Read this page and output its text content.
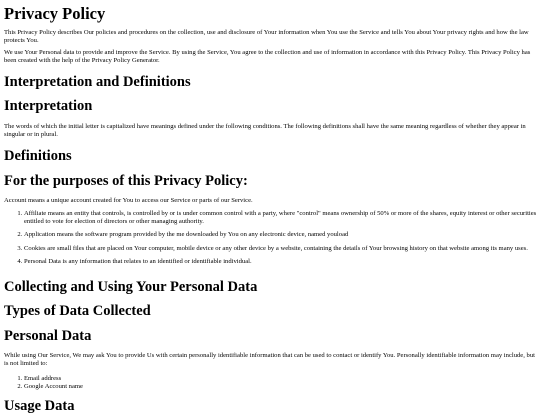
Privacy Policy

This Privacy Policy describes Our policies and procedures on the collection, use and disclosure of Your information when You use the Service and tells You about Your privacy rights and how the law protects You.

We use Your Personal data to provide and improve the Service. By using the Service, You agree to the collection and use of information in accordance with this Privacy Policy. This Privacy Policy has been created with the help of the Privacy Policy Generator.

Interpretation and Definitions
Interpretation

The words of which the initial letter is capitalized have meanings defined under the following conditions. The following definitions shall have the same meaning regardless of whether they appear in singular or in plural.

Definitions
For the purposes of this Privacy Policy:

Account means a unique account created for You to access our Service or parts of our Service.

1. Affiliate means an entity that controls, is controlled by or is under common control with a party, where "control" means ownership of 50% or more of the shares, equity interest or other securities entitled to vote for election of directors or other managing authority.
2. Application means the software program provided by the me downloaded by You on any electronic device, named youload
3. Cookies are small files that are placed on Your computer, mobile device or any other device by a website, containing the details of Your browsing history on that website among its many uses.
4. Personal Data is any information that relates to an identified or identifiable individual.
Collecting and Using Your Personal Data
Types of Data Collected
Personal Data

While using Our Service, We may ask You to provide Us with certain personally identifiable information that can be used to contact or identify You. Personally identifiable information may include, but is not limited to:

1. Email address
2. Google Account name
Usage Data
